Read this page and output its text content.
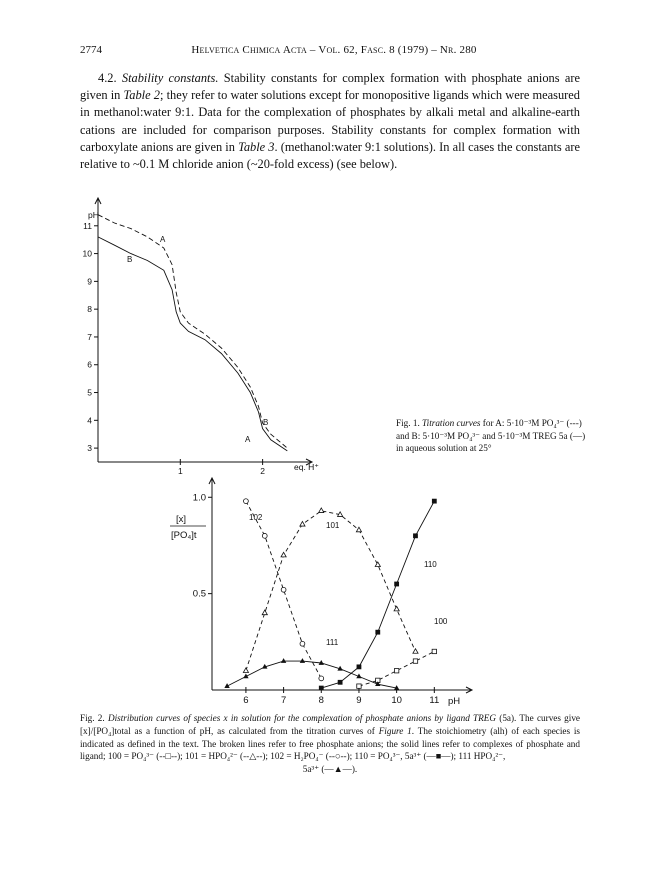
2774	Helvetica Chimica Acta – Vol. 62, Fasc. 8 (1979) – Nr. 280

4.2. Stability constants. Stability constants for complex formation with phosphate anions are given in Table 2; they refer to water solutions except for monopositive ligands which were measured in methanol:water 9:1. Data for the complexation of phosphates by alkali metal and alkaline-earth cations are included for comparison purposes. Stability constants for complex formation with carboxylate anions are given in Table 3. (methanol:water 9:1 solutions). In all cases the constants are relative to ~0.1 M chloride anion (~20-fold excess) (see below).

3
4
5
6
7
8
9
10
11
1	2
pH
eq. H⁺
A
B
B
A
Fig. 1. Titration curves for A: 5·10⁻³M PO₄³⁻ (---) and B: 5·10⁻³M PO₄³⁻ and 5·10⁻³M TREG 5a (—) in aqueous solution at 25°
0.5
1.0
6	7	8	9	10	11
[x]
[PO₄]t
pH
102
101
110
100
111
Fig. 2. Distribution curves of species x in solution for the complexation of phosphate anions by ligand TREG (5a). The curves give [x]/[PO₄]total as a function of pH, as calculated from the titration curves of Figure 1. The stoichiometry (alh) of each species is indicated as defined in the text. The broken lines refer to free phosphate anions; the solid lines refer to complexes of phosphate and ligand; 100 = PO₄³⁻ (--□--); 101 = HPO₄²⁻ (--△--); 102 = H₂PO₄⁻ (--○--); 110 = PO₄³⁻, 5a³⁺ (—■—); 111 HPO₄²⁻,
5a³⁺ (—▲—).
